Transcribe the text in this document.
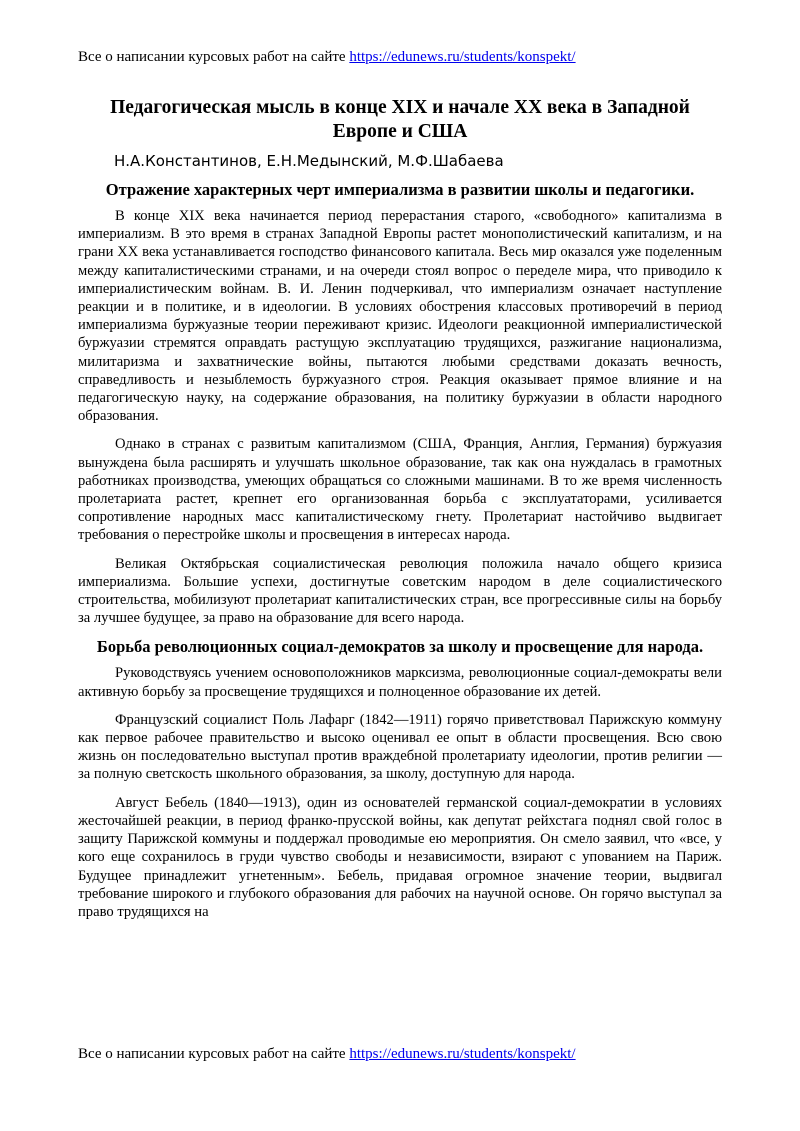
Все о написании курсовых работ на сайте https://edunews.ru/students/konspekt/
Педагогическая мысль в конце XIX и начале XX века в Западной Европе и США
Н.А.Константинов, Е.Н.Медынский, М.Ф.Шабаева
Отражение характерных черт империализма в развитии школы и педагогики.

В конце XIX века начинается период перерастания старого, «свободного» капитализма в империализм. В это время в странах Западной Европы растет монополистический капитализм, и на грани XX века устанавливается господство финансового капитала. Весь мир оказался уже поделенным между капиталистическими странами, и на очереди стоял вопрос о переделе мира, что приводило к империалистическим войнам. В. И. Ленин подчеркивал, что империализм означает наступление реакции и в политике, и в идеологии. В условиях обострения классовых противоречий в период империализма буржуазные теории переживают кризис. Идеологи реакционной империалистической буржуазии стремятся оправдать растущую эксплуатацию трудящихся, разжигание национализма, милитаризма и захватнические войны, пытаются любыми средствами доказать вечность, справедливость и незыблемость буржуазного строя. Реакция оказывает прямое влияние и на педагогическую науку, на содержание образования, на политику буржуазии в области народного образования.

Однако в странах с развитым капитализмом (США, Франция, Англия, Германия) буржуазия вынуждена была расширять и улучшать школьное образование, так как она нуждалась в грамотных работниках производства, умеющих обращаться со сложными машинами. В то же время численность пролетариата растет, крепнет его организованная борьба с эксплуататорами, усиливается сопротивление народных масс капиталистическому гнету. Пролетариат настойчиво выдвигает требования о перестройке школы и просвещения в интересах народа.

Великая Октябрьская социалистическая революция положила начало общего кризиса империализма. Большие успехи, достигнутые советским народом в деле социалистического строительства, мобилизуют пролетариат капиталистических стран, все прогрессивные силы на борьбу за лучшее будущее, за право на образование для всего народа.

Борьба революционных социал-демократов за школу и просвещение для народа.

Руководствуясь учением основоположников марксизма, революционные социал-демократы вели активную борьбу за просвещение трудящихся и полноценное образование их детей.

Французский социалист Поль Лафарг (1842—1911) горячо приветствовал Парижскую коммуну как первое рабочее правительство и высоко оценивал ее опыт в области просвещения. Всю свою жизнь он последовательно выступал против враждебной пролетариату идеологии, против религии — за полную светскость школьного образования, за школу, доступную для народа.

Август Бебель (1840—1913), один из основателей германской социал-демократии в условиях жесточайшей реакции, в период франко-прусской войны, как депутат рейхстага поднял свой голос в защиту Парижской коммуны и поддержал проводимые ею мероприятия. Он смело заявил, что «все, у кого еще сохранилось в груди чувство свободы и независимости, взирают с упованием на Париж. Будущее принадлежит угнетенным». Бебель, придавая огромное значение теории, выдвигал требование широкого и глубокого образования для рабочих на научной основе. Он горячо выступал за право трудящихся на

Все о написании курсовых работ на сайте https://edunews.ru/students/konspekt/
